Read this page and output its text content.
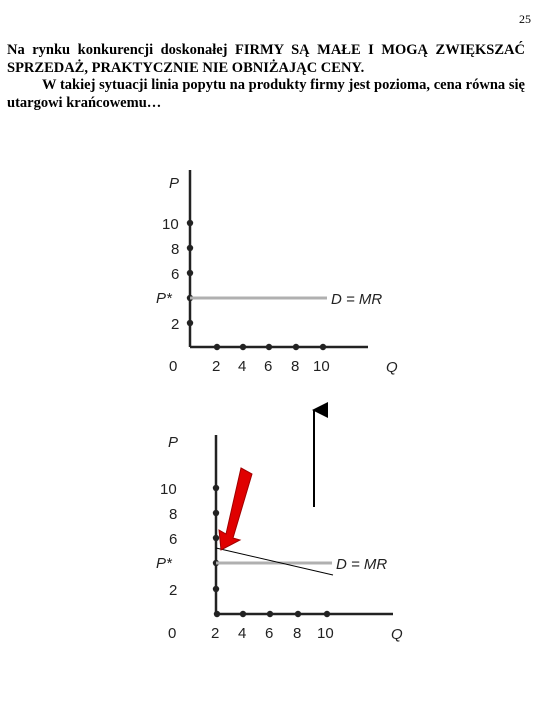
25

Na rynku konkurencji doskonałej FIRMY SĄ MAŁE I MOGĄ ZWIĘKSZAĆ SPRZEDAŻ, PRAKTYCZNIE NIE OBNIŻAJĄC CENY.

W takiej sytuacji linia popytu na produkty firmy jest pozioma, cena równa się utargowi krańcowemu…

P
Q
0
10
8
6
P*
2
2 4 6 8 10
D = MR
P
Q
0
10
8
6
P*
2
2 4 6 8 10
D = MR
